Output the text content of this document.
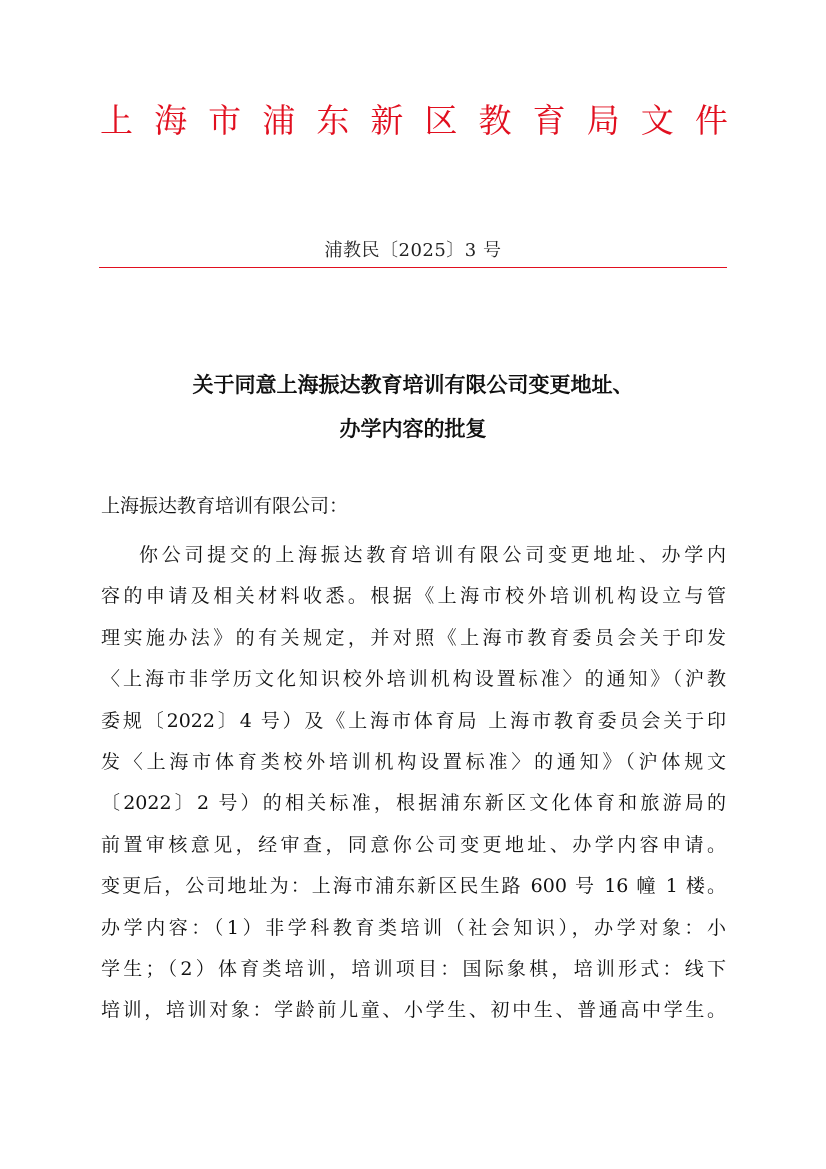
上 海 市 浦 东 新 区 教 育 局 文 件
浦教民〔2025〕3 号
关于同意上海振达教育培训有限公司变更地址、
办学内容的批复
上海振达教育培训有限公司：
你公司提交的上海振达教育培训有限公司变更地址、办学内
容的申请及相关材料收悉。根据《上海市校外培训机构设立与管
理实施办法》的有关规定，并对照《上海市教育委员会关于印发
〈上海市非学历文化知识校外培训机构设置标准〉的通知》（沪教
委规〔2022〕4 号）及《上海市体育局 上海市教育委员会关于印
发〈上海市体育类校外培训机构设置标准〉的通知》（沪体规文
〔2022〕2 号）的相关标准，根据浦东新区文化体育和旅游局的
前置审核意见，经审查，同意你公司变更地址、办学内容申请。
变更后，公司地址为：上海市浦东新区民生路 600 号 16 幢 1 楼。
办学内容：（1）非学科教育类培训（社会知识），办学对象：小
学生；（2）体育类培训，培训项目：国际象棋，培训形式：线下
培训，培训对象：学龄前儿童、小学生、初中生、普通高中学生。
